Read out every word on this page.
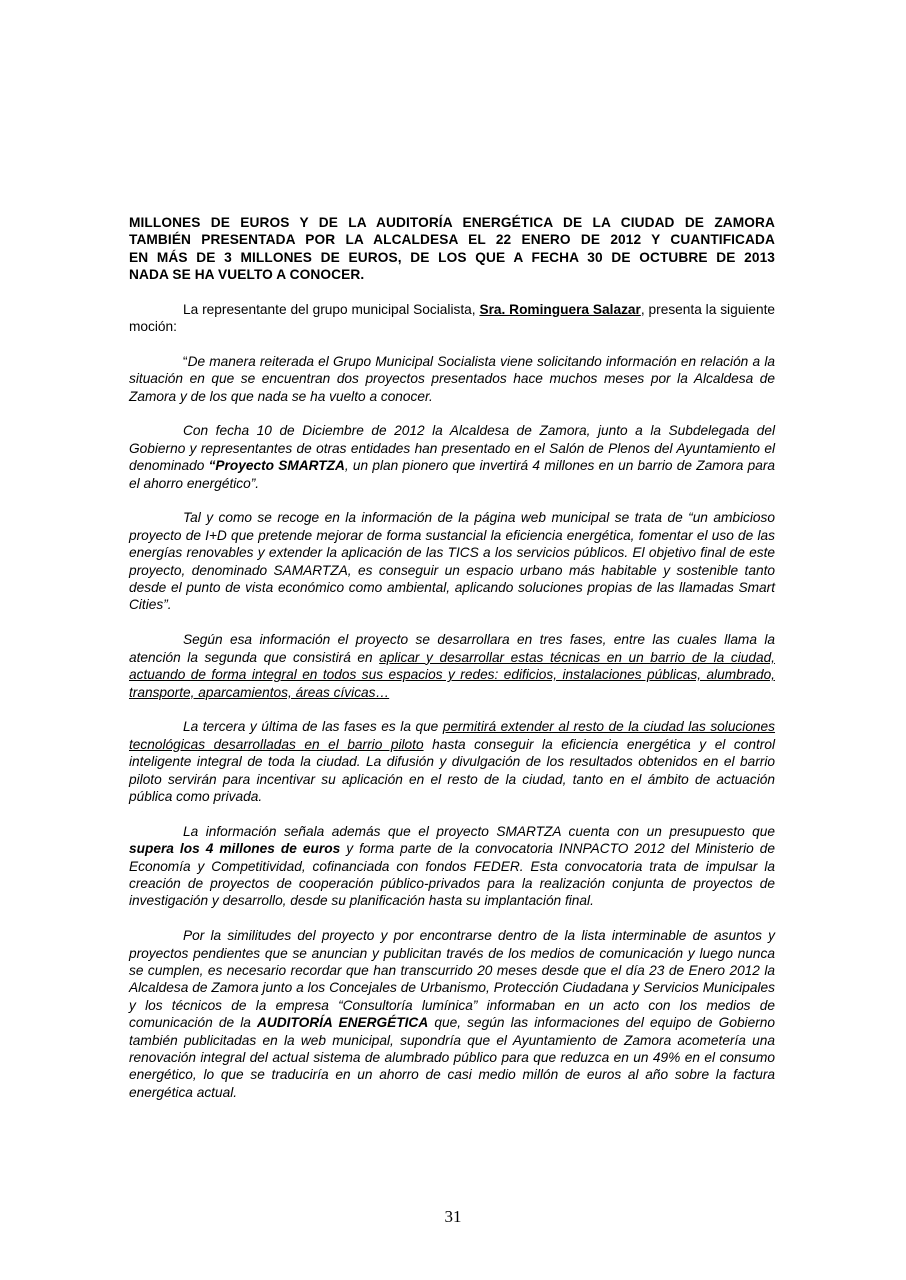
MILLONES DE EUROS Y DE LA AUDITORÍA ENERGÉTICA DE LA CIUDAD DE ZAMORA
TAMBIÉN PRESENTADA POR LA ALCALDESA EL 22 ENERO DE 2012 Y CUANTIFICADA
EN MÁS DE 3 MILLONES DE EUROS, DE LOS QUE A FECHA 30 DE OCTUBRE DE 2013
NADA SE HA VUELTO A CONOCER.

La representante del grupo municipal Socialista, Sra. Rominguera Salazar, presenta la siguiente moción:

“De manera reiterada el Grupo Municipal Socialista viene solicitando información en relación a la situación en que se encuentran dos proyectos presentados hace muchos meses por la Alcaldesa de Zamora y de los que nada se ha vuelto a conocer.

Con fecha 10 de Diciembre de 2012 la Alcaldesa de Zamora, junto a la Subdelegada del Gobierno y representantes de otras entidades han presentado en el Salón de Plenos del Ayuntamiento el denominado “Proyecto SMARTZA, un plan pionero que invertirá 4 millones en un barrio de Zamora para el ahorro energético”.

Tal y como se recoge en la información de la página web municipal se trata de “un ambicioso proyecto de I+D que pretende mejorar de forma sustancial la eficiencia energética, fomentar el uso de las energías renovables y extender la aplicación de las TICS a los servicios públicos. El objetivo final de este proyecto, denominado SAMARTZA, es conseguir un espacio urbano más habitable y sostenible tanto desde el punto de vista económico como ambiental, aplicando soluciones propias de las llamadas Smart Cities”.

Según esa información el proyecto se desarrollara en tres fases, entre las cuales llama la atención la segunda que consistirá en aplicar y desarrollar estas técnicas en un barrio de la ciudad, actuando de forma integral en todos sus espacios y redes: edificios, instalaciones públicas, alumbrado, transporte, aparcamientos, áreas cívicas…

La tercera y última de las fases es la que permitirá extender al resto de la ciudad las soluciones tecnológicas desarrolladas en el barrio piloto hasta conseguir la eficiencia energética y el control inteligente integral de toda la ciudad. La difusión y divulgación de los resultados obtenidos en el barrio piloto servirán para incentivar su aplicación en el resto de la ciudad, tanto en el ámbito de actuación pública como privada.

La información señala además que el proyecto SMARTZA cuenta con un presupuesto que supera los 4 millones de euros y forma parte de la convocatoria INNPACTO 2012 del Ministerio de Economía y Competitividad, cofinanciada con fondos FEDER. Esta convocatoria trata de impulsar la creación de proyectos de cooperación público-privados para la realización conjunta de proyectos de investigación y desarrollo, desde su planificación hasta su implantación final.

Por la similitudes del proyecto y por encontrarse dentro de la lista interminable de asuntos y proyectos pendientes que se anuncian y publicitan través de los medios de comunicación y luego nunca se cumplen, es necesario recordar que han transcurrido 20 meses desde que el día 23 de Enero 2012 la Alcaldesa de Zamora junto a los Concejales de Urbanismo, Protección Ciudadana y Servicios Municipales y los técnicos de la empresa “Consultoría lumínica” informaban en un acto con los medios de comunicación de la AUDITORÍA ENERGÉTICA que, según las informaciones del equipo de Gobierno también publicitadas en la web municipal, supondría que el Ayuntamiento de Zamora acometería una renovación integral del actual sistema de alumbrado público para que reduzca en un 49% en el consumo energético, lo que se traduciría en un ahorro de casi medio millón de euros al año sobre la factura energética actual.

31
